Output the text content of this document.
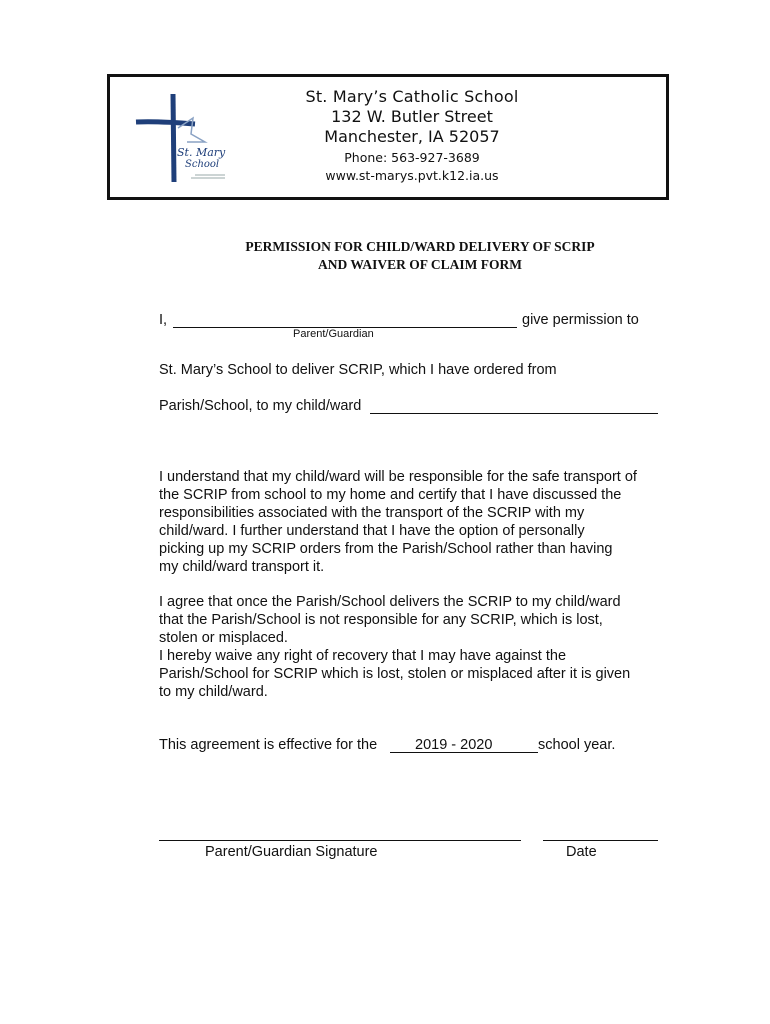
St. Mary
School
St. Mary’s Catholic School
132 W. Butler Street
Manchester, IA 52057
Phone: 563-927-3689
www.st-marys.pvt.k12.ia.us
PERMISSION FOR CHILD/WARD DELIVERY OF SCRIP
AND WAIVER OF CLAIM FORM
I,	give permission to
Parent/Guardian
St. Mary’s School to deliver SCRIP, which I have ordered from
Parish/School, to my child/ward
I understand that my child/ward will be responsible for the safe transport of
the SCRIP from school to my home and certify that I have discussed the
responsibilities associated with the transport of the SCRIP with my
child/ward. I further understand that I have the option of personally
picking up my SCRIP orders from the Parish/School rather than having
my child/ward transport it.
I agree that once the Parish/School delivers the SCRIP to my child/ward
that the Parish/School is not responsible for any SCRIP, which is lost,
stolen or misplaced.
I hereby waive any right of recovery that I may have against the
Parish/School for SCRIP which is lost, stolen or misplaced after it is given
to my child/ward.
This agreement is effective for the	2019 - 2020	school year.
Parent/Guardian Signature	Date
